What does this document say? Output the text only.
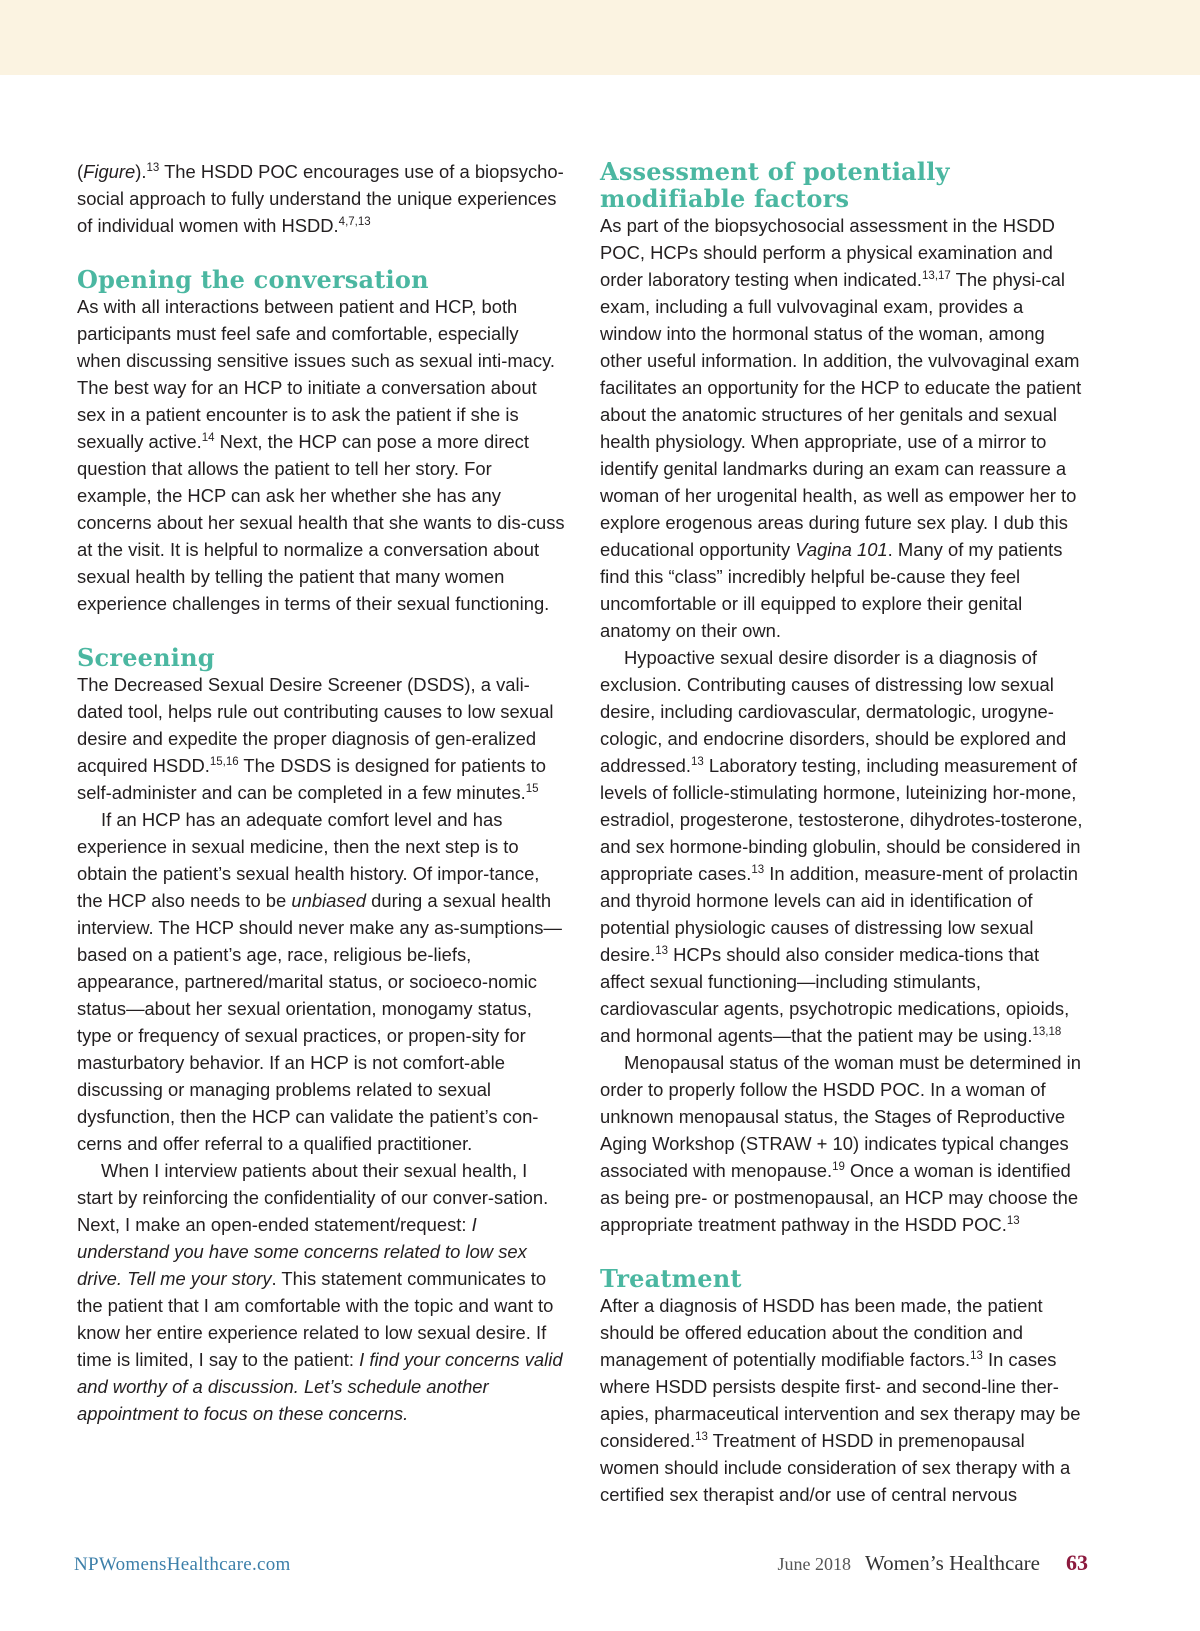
(Figure).$^{13}$ The HSDD POC encourages use of a biopsycho-social approach to fully understand the unique experiences of individual women with HSDD.$^{4,7,13}$

Opening the conversation

As with all interactions between patient and HCP, both participants must feel safe and comfortable, especially when discussing sensitive issues such as sexual inti-macy. The best way for an HCP to initiate a conversation about sex in a patient encounter is to ask the patient if she is sexually active.$^{14}$ Next, the HCP can pose a more direct question that allows the patient to tell her story. For example, the HCP can ask her whether she has any concerns about her sexual health that she wants to dis-cuss at the visit. It is helpful to normalize a conversation about sexual health by telling the patient that many women experience challenges in terms of their sexual functioning.

Screening

The Decreased Sexual Desire Screener (DSDS), a vali-dated tool, helps rule out contributing causes to low sexual desire and expedite the proper diagnosis of gen-eralized acquired HSDD.$^{15,16}$ The DSDS is designed for patients to self-administer and can be completed in a few minutes.$^{15}$

If an HCP has an adequate comfort level and has experience in sexual medicine, then the next step is to obtain the patient’s sexual health history. Of impor-tance, the HCP also needs to be unbiased during a sexual health interview. The HCP should never make any as-sumptions—based on a patient’s age, race, religious be-liefs, appearance, partnered/marital status, or socioeco-nomic status—about her sexual orientation, monogamy status, type or frequency of sexual practices, or propen-sity for masturbatory behavior. If an HCP is not comfort-able discussing or managing problems related to sexual dysfunction, then the HCP can validate the patient’s con-cerns and offer referral to a qualified practitioner.

When I interview patients about their sexual health, I start by reinforcing the confidentiality of our conver-sation. Next, I make an open-ended statement/request: I understand you have some concerns related to low sex drive. Tell me your story. This statement communicates to the patient that I am comfortable with the topic and want to know her entire experience related to low sexual desire. If time is limited, I say to the patient: I find your concerns valid and worthy of a discussion. Let’s schedule another appointment to focus on these concerns.

Assessment of potentially modifiable factors

As part of the biopsychosocial assessment in the HSDD POC, HCPs should perform a physical examination and order laboratory testing when indicated.$^{13,17}$ The physi-cal exam, including a full vulvovaginal exam, provides a window into the hormonal status of the woman, among other useful information. In addition, the vulvovaginal exam facilitates an opportunity for the HCP to educate the patient about the anatomic structures of her genitals and sexual health physiology. When appropriate, use of a mirror to identify genital landmarks during an exam can reassure a woman of her urogenital health, as well as empower her to explore erogenous areas during future sex play. I dub this educational opportunity Vagina 101. Many of my patients find this “class” incredibly helpful be-cause they feel uncomfortable or ill equipped to explore their genital anatomy on their own.

Hypoactive sexual desire disorder is a diagnosis of exclusion. Contributing causes of distressing low sexual desire, including cardiovascular, dermatologic, urogyne-cologic, and endocrine disorders, should be explored and addressed.$^{13}$ Laboratory testing, including measurement of levels of follicle-stimulating hormone, luteinizing hor-mone, estradiol, progesterone, testosterone, dihydrotes-tosterone, and sex hormone-binding globulin, should be considered in appropriate cases.$^{13}$ In addition, measure-ment of prolactin and thyroid hormone levels can aid in identification of potential physiologic causes of distressing low sexual desire.$^{13}$ HCPs should also consider medica-tions that affect sexual functioning—including stimulants, cardiovascular agents, psychotropic medications, opioids, and hormonal agents—that the patient may be using.$^{13,18}$

Menopausal status of the woman must be determined in order to properly follow the HSDD POC. In a woman of unknown menopausal status, the Stages of Reproductive Aging Workshop (STRAW + 10) indicates typical changes associated with menopause.$^{19}$ Once a woman is identified as being pre- or postmenopausal, an HCP may choose the appropriate treatment pathway in the HSDD POC.$^{13}$

Treatment

After a diagnosis of HSDD has been made, the patient should be offered education about the condition and management of potentially modifiable factors.$^{13}$ In cases where HSDD persists despite first- and second-line ther-apies, pharmaceutical intervention and sex therapy may be considered.$^{13}$ Treatment of HSDD in premenopausal women should include consideration of sex therapy with a certified sex therapist and/or use of central nervous

NPWomensHealthcare.com	June 2018 Women’s Healthcare 63
